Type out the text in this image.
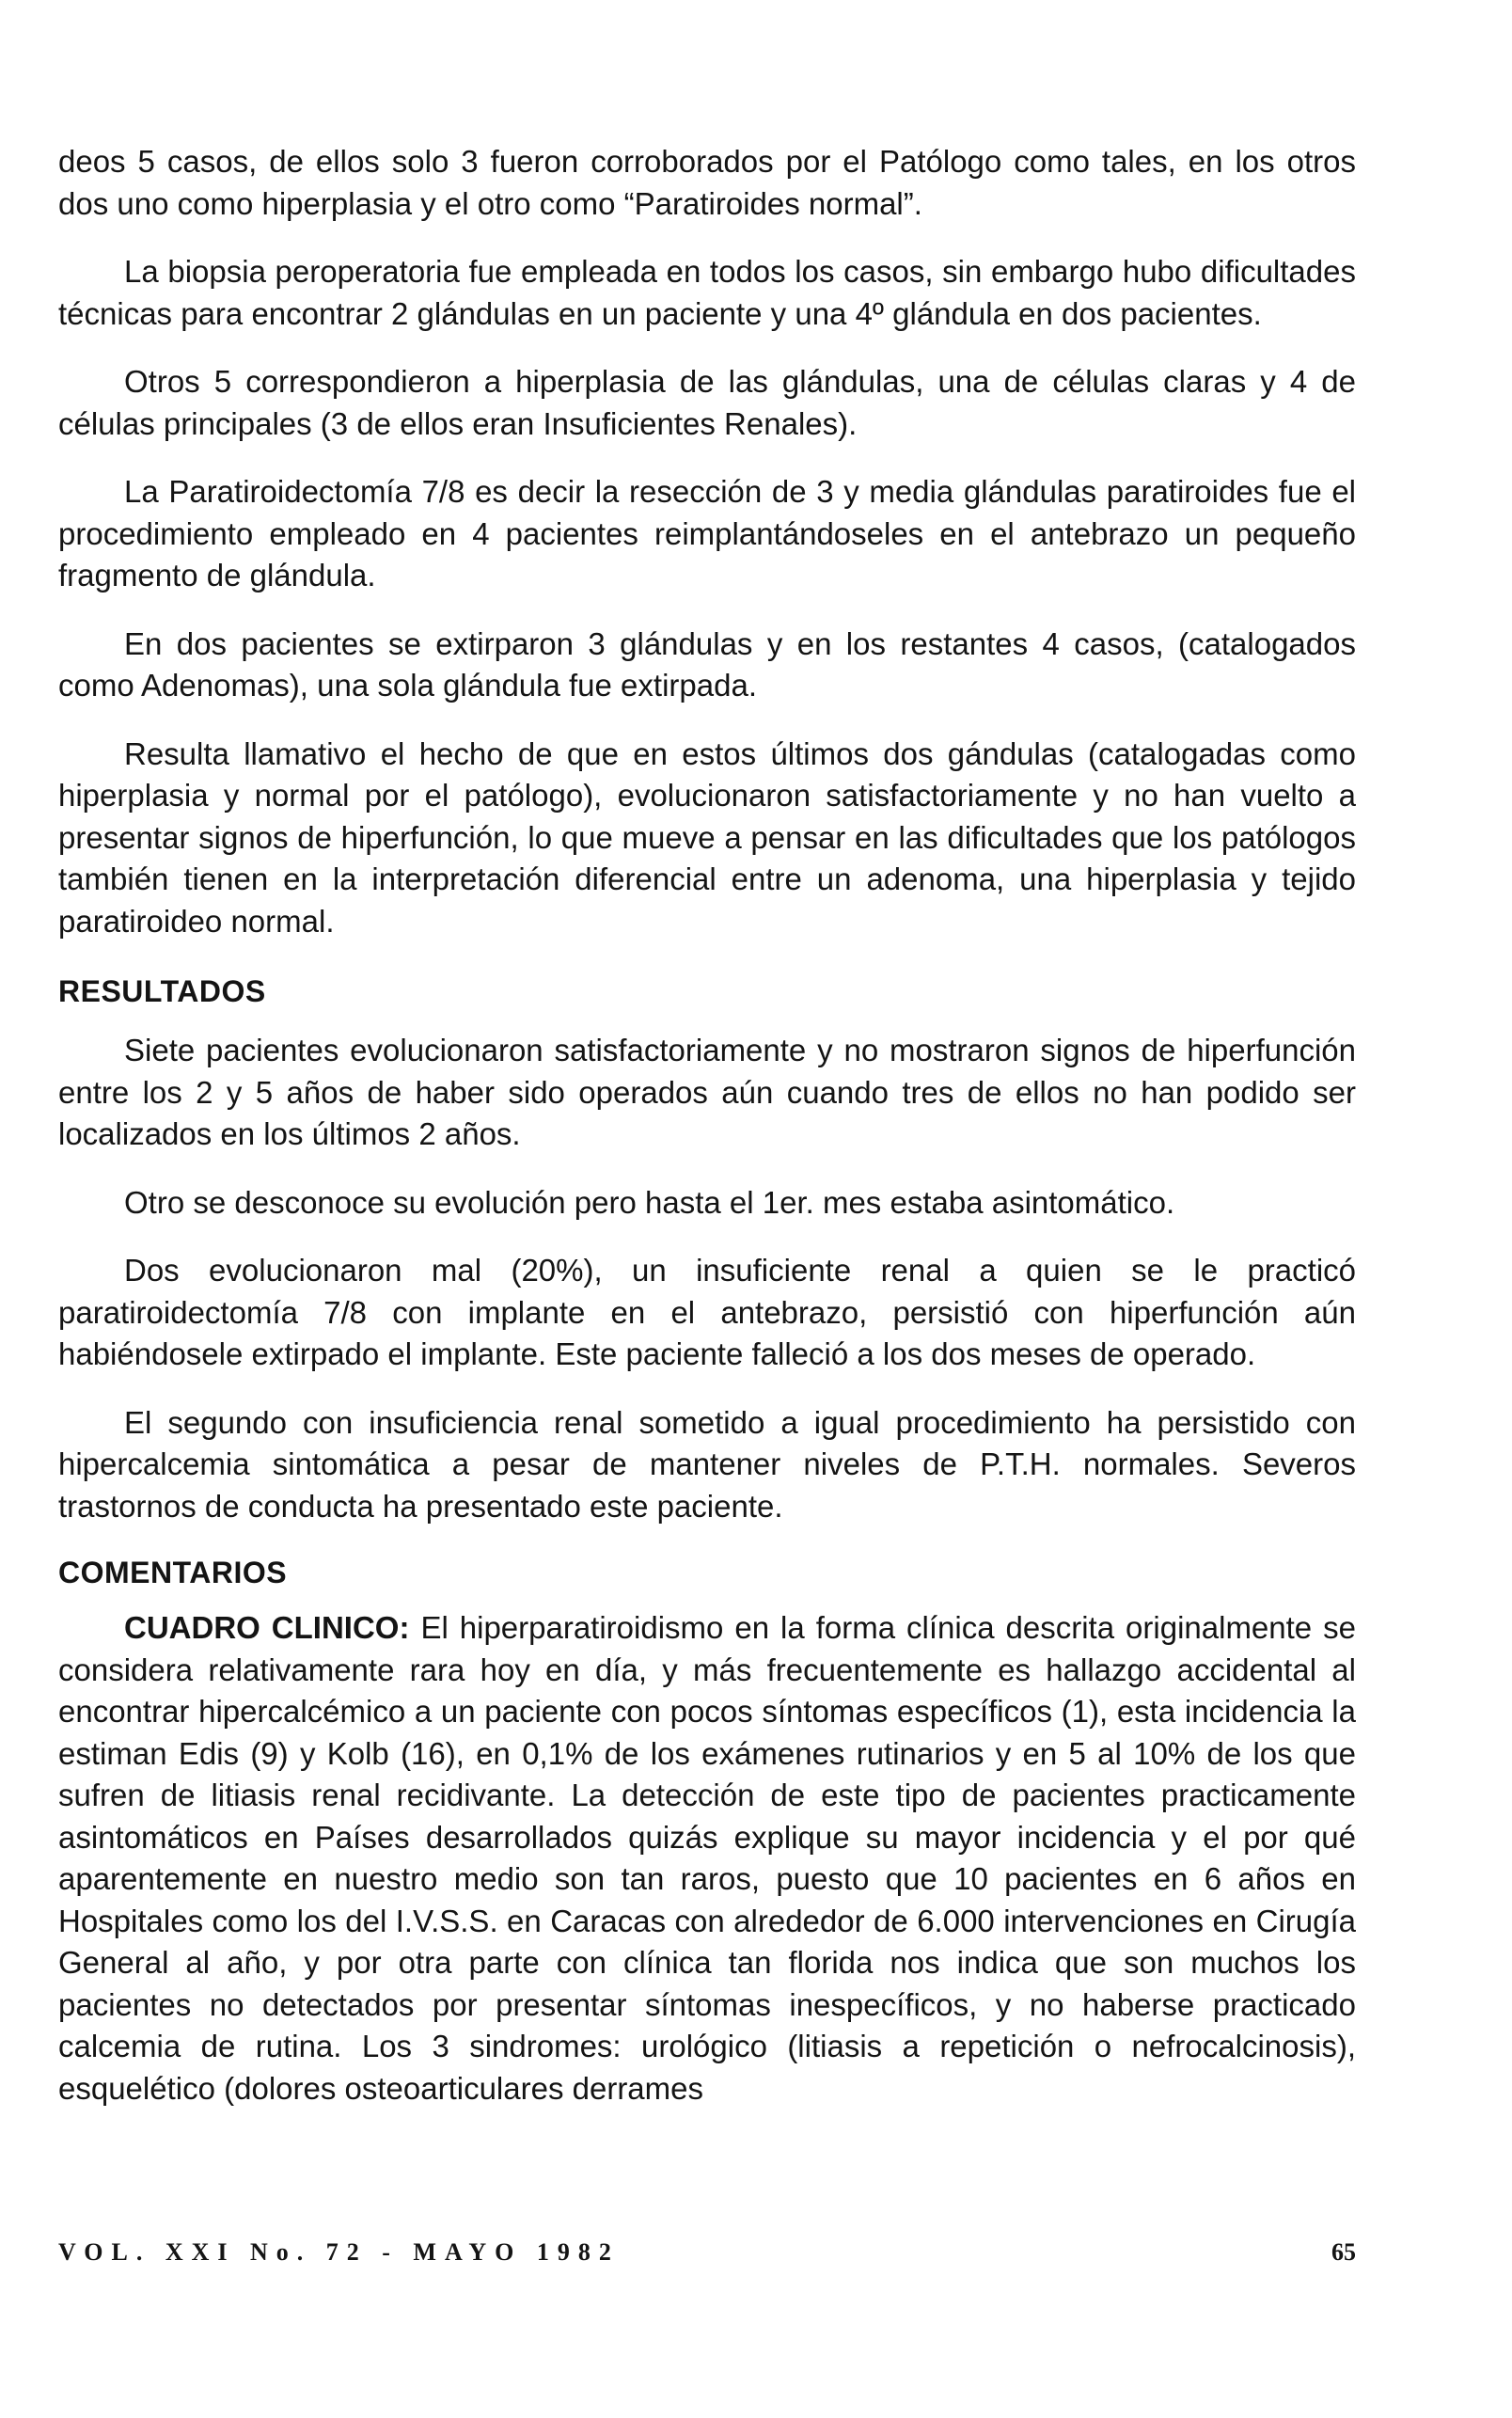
deos 5 casos, de ellos solo 3 fueron corroborados por el Patólogo como tales, en los otros dos uno como hiperplasia y el otro como “Paratiroides normal”.

La biopsia peroperatoria fue empleada en todos los casos, sin embargo hubo dificultades técnicas para encontrar 2 glándulas en un paciente y una 4º glándula en dos pacientes.

Otros 5 correspondieron a hiperplasia de las glándulas, una de células claras y 4 de células principales (3 de ellos eran Insuficientes Renales).

La Paratiroidectomía 7/8 es decir la resección de 3 y media glándulas paratiroides fue el procedimiento empleado en 4 pacientes reimplantándoseles en el antebrazo un pequeño fragmento de glándula.

En dos pacientes se extirparon 3 glándulas y en los restantes 4 casos, (catalogados como Adenomas), una sola glándula fue extirpada.

Resulta llamativo el hecho de que en estos últimos dos gándulas (catalogadas como hiperplasia y normal por el patólogo), evolucionaron satisfactoriamente y no han vuelto a presentar signos de hiperfunción, lo que mueve a pensar en las dificultades que los patólogos también tienen en la interpretación diferencial entre un adenoma, una hiperplasia y tejido paratiroideo normal.

RESULTADOS

Siete pacientes evolucionaron satisfactoriamente y no mostraron signos de hiperfunción entre los 2 y 5 años de haber sido operados aún cuando tres de ellos no han podido ser localizados en los últimos 2 años.

Otro se desconoce su evolución pero hasta el 1er. mes estaba asintomático.

Dos evolucionaron mal (20%), un insuficiente renal a quien se le practicó paratiroidectomía 7/8 con implante en el antebrazo, persistió con hiperfunción aún habiéndosele extirpado el implante. Este paciente falleció a los dos meses de operado.

El segundo con insuficiencia renal sometido a igual procedimiento ha persistido con hipercalcemia sintomática a pesar de mantener niveles de P.T.H. normales. Severos trastornos de conducta ha presentado este paciente.

COMENTARIOS

CUADRO CLINICO: El hiperparatiroidismo en la forma clínica descrita originalmente se considera relativamente rara hoy en día, y más frecuentemente es hallazgo accidental al encontrar hipercalcémico a un paciente con pocos síntomas específicos (1), esta incidencia la estiman Edis (9) y Kolb (16), en 0,1% de los exámenes rutinarios y en 5 al 10% de los que sufren de litiasis renal recidivante. La detección de este tipo de pacientes practicamente asintomáticos en Países desarrollados quizás explique su mayor incidencia y el por qué aparentemente en nuestro medio son tan raros, puesto que 10 pacientes en 6 años en Hospitales como los del I.V.S.S. en Caracas con alrededor de 6.000 intervenciones en Cirugía General al año, y por otra parte con clínica tan florida nos indica que son muchos los pacientes no detectados por presentar síntomas inespecíficos, y no haberse practicado calcemia de rutina. Los 3 sindromes: urológico (litiasis a repetición o nefrocalcinosis), esquelético (dolores osteoarticulares derrames

VOL. XXI No. 72 - MAYO 1982	65
